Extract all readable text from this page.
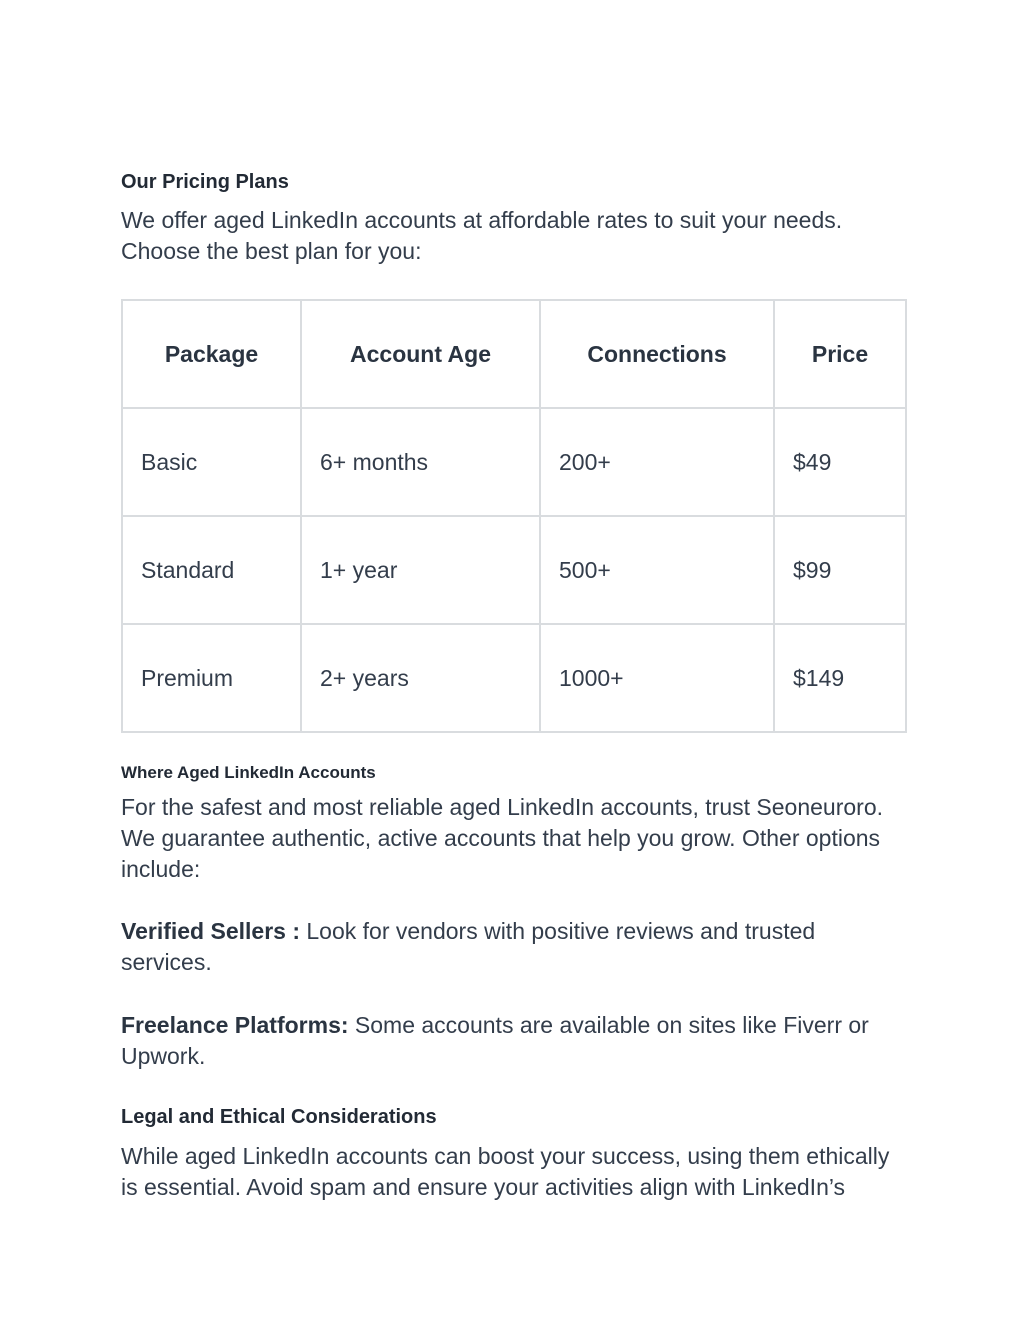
Our Pricing Plans

We offer aged LinkedIn accounts at affordable rates to suit your needs. Choose the best plan for you:

Package	Account Age	Connections	Price
Basic	6+ months	200+	$49
Standard	1+ year	500+	$99
Premium	2+ years	1000+	$149
Where Aged LinkedIn Accounts

For the safest and most reliable aged LinkedIn accounts, trust Seoneuroro. We guarantee authentic, active accounts that help you grow. Other options include:

Verified Sellers : Look for vendors with positive reviews and trusted services.

Freelance Platforms: Some accounts are available on sites like Fiverr or Upwork.

Legal and Ethical Considerations

While aged LinkedIn accounts can boost your success, using them ethically is essential. Avoid spam and ensure your activities align with LinkedIn’s
